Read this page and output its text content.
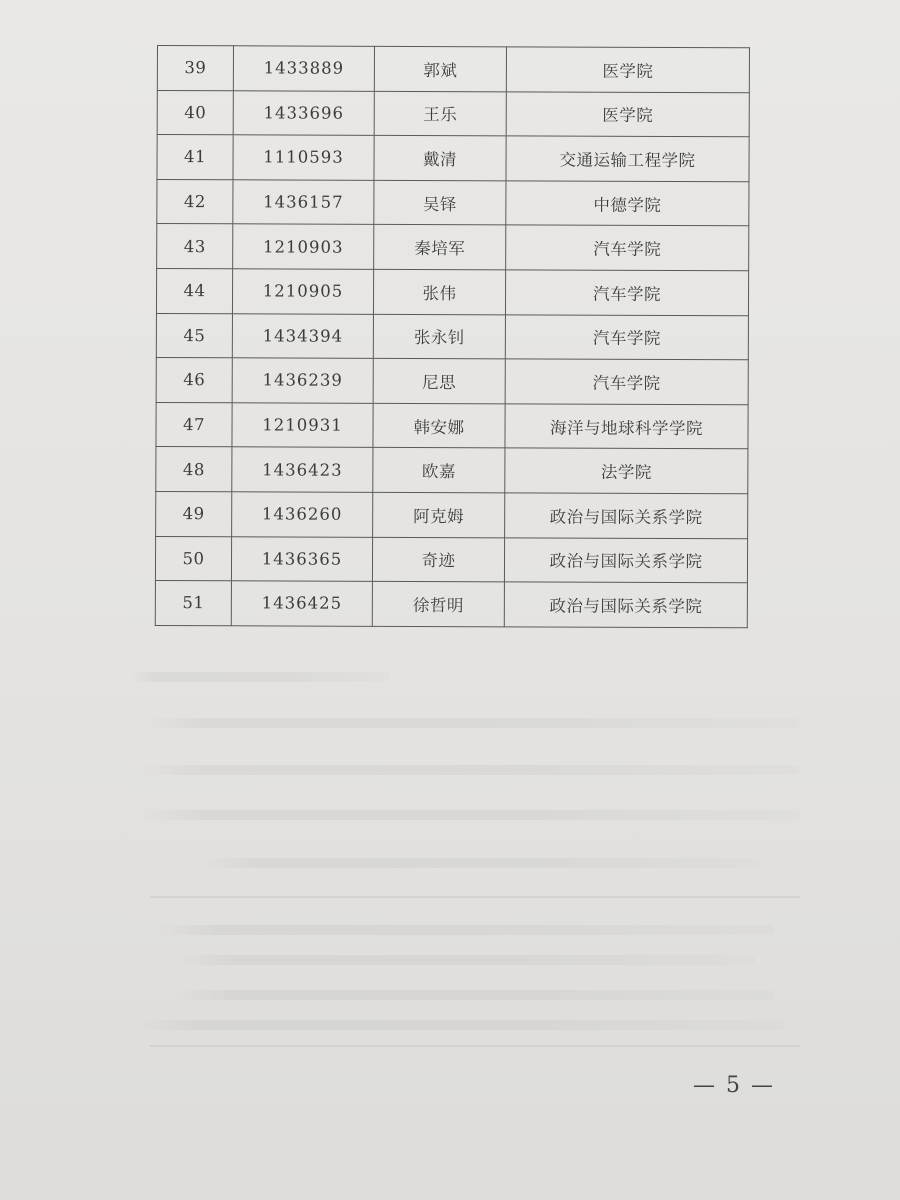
39	1433889	郭斌	医学院
40	1433696	王乐	医学院
41	1110593	戴清	交通运输工程学院
42	1436157	吴铎	中德学院
43	1210903	秦培军	汽车学院
44	1210905	张伟	汽车学院
45	1434394	张永钊	汽车学院
46	1436239	尼思	汽车学院
47	1210931	韩安娜	海洋与地球科学学院
48	1436423	欧嘉	法学院
49	1436260	阿克姆	政治与国际关系学院
50	1436365	奇迹	政治与国际关系学院
51	1436425	徐哲明	政治与国际关系学院
— 5 —
